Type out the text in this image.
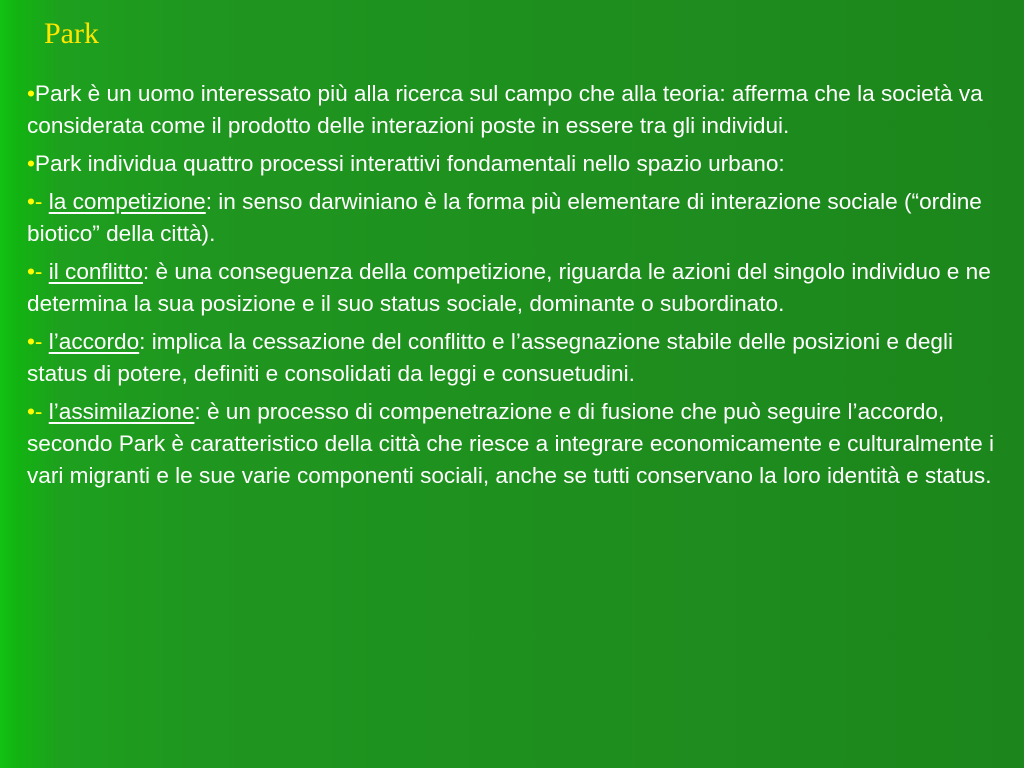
Park

•Park è un uomo interessato più alla ricerca sul campo che alla teoria: afferma che la società va considerata come il prodotto delle interazioni poste in essere tra gli individui.

•Park individua quattro processi interattivi fondamentali nello spazio urbano:

•- la competizione: in senso darwiniano è la forma più elementare di interazione sociale (“ordine biotico” della città).

•- il conflitto: è una conseguenza della competizione, riguarda le azioni del singolo individuo e ne determina la sua posizione e il suo status sociale, dominante o subordinato.

•- l’accordo: implica la cessazione del conflitto e l’assegnazione stabile delle posizioni e degli status di potere, definiti e consolidati da leggi e consuetudini.

•- l’assimilazione: è un processo di compenetrazione e di fusione che può seguire l’accordo, secondo Park è caratteristico della città che riesce a integrare economicamente e culturalmente i vari migranti e le sue varie componenti sociali, anche se tutti conservano la loro identità e status.
